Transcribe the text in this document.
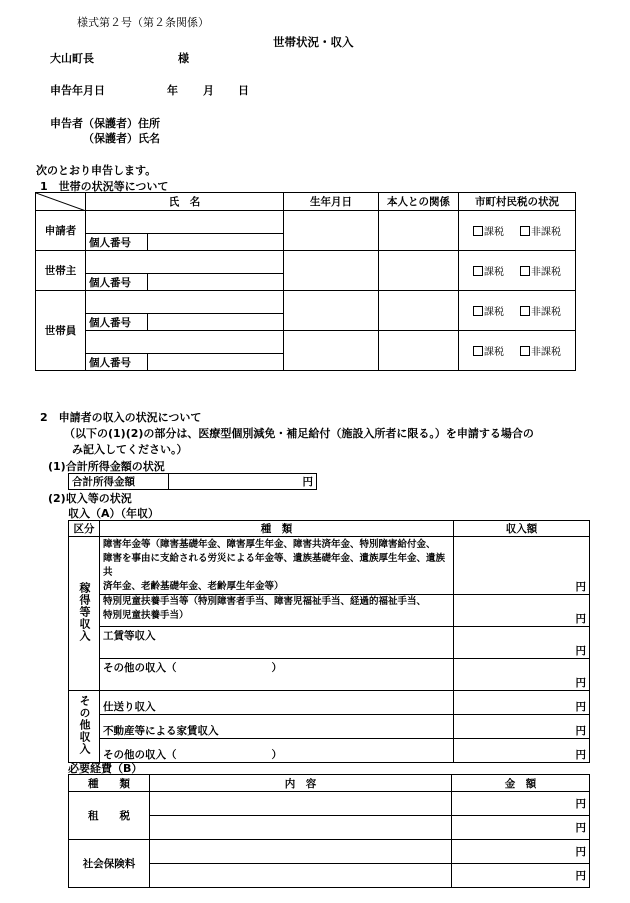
様式第２号（第２条関係）
世帯状況・収入
大山町長	様
申告年月日	年 月 日
申告者 （保護者）住所
（保護者）氏名
次のとおり申告します。
1　世帯の状況等について
	氏　名		生年月日	本人との関係	市町村民税の状況
申請者					課税 非課税
	個人番号				
世帯主					課税 非課税
	個人番号				
世帯員					課税 非課税
	個人番号				
					課税 非課税
	個人番号				
2　申請者の収入の状況について
（以下の(1)(2)の部分は、医療型個別減免・補足給付（施設入所者に限る。）を申請する場合の
み記入してください。）
(1)合計所得金額の状況
合計所得金額	円
(2)収入等の状況
収入（A）（年収）
区分	種　類	収入額
稼得等収入	障害年金等（障害基礎年金、障害厚生年金、障害共済年金、特別障害給付金、
障害を事由に支給される労災による年金等、遺族基礎年金、遺族厚生年金、遺族共
済年金、老齢基礎年金、老齢厚生年金等）	円

	特別児童扶養手当等（特別障害者手当、障害児福祉手当、経過的福祉手当、
特別児童扶養手当）	円
	工賃等収入	円
	その他の収入（ ）	円
その他収入	仕送り収入	円
	不動産等による家賃収入	円
	その他の収入（ ）	円
必要経費（B）
種　　類	内　容	金　額
租　　税		円
		円
社会保険料		円
		円
